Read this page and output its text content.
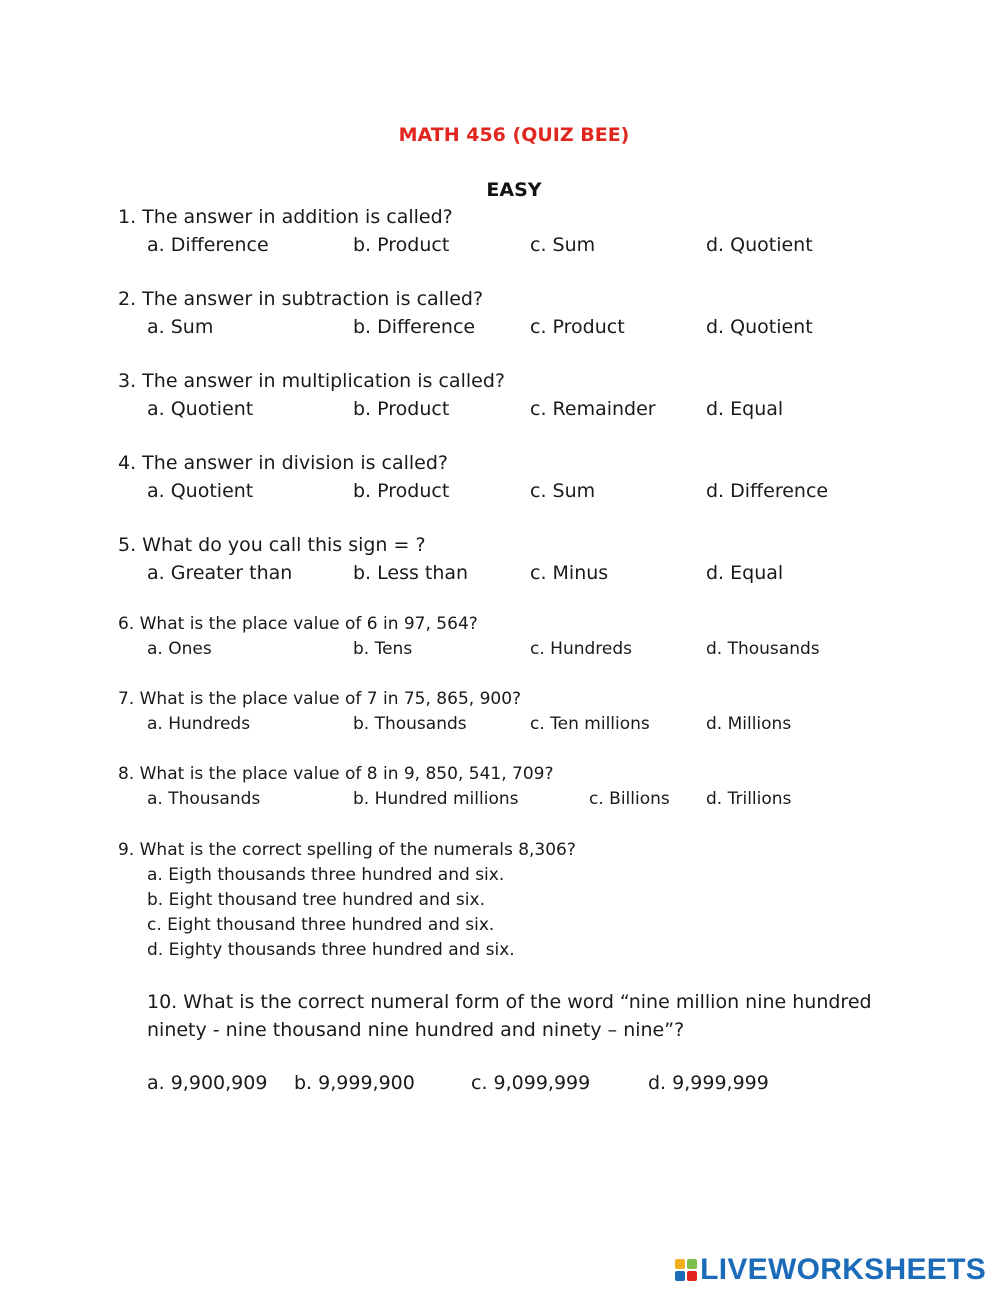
MATH 456 (QUIZ BEE)
EASY
1. The answer in addition is called?
a. Difference	b. Product	c. Sum	d. Quotient
2. The answer in subtraction is called?
a. Sum	b. Difference	c. Product	d. Quotient
3. The answer in multiplication is called?
a. Quotient	b. Product	c. Remainder	d. Equal
4. The answer in division is called?
a. Quotient	b. Product	c. Sum	d. Difference
5. What do you call this sign = ?
a. Greater than	b. Less than	c. Minus	d. Equal
6. What is the place value of 6 in 97, 564?
a. Ones	b. Tens	c. Hundreds	d. Thousands
7. What is the place value of 7 in 75, 865, 900?
a. Hundreds	b. Thousands	c. Ten millions	d. Millions
8. What is the place value of 8 in 9, 850, 541, 709?
a. Thousands	b. Hundred millions	c. Billions d. Trillions
9. What is the correct spelling of the numerals 8,306?
a. Eigth thousands three hundred and six.
b. Eight thousand tree hundred and six.
c. Eight thousand three hundred and six.
d. Eighty thousands three hundred and six.
10. What is the correct numeral form of the word “nine million nine hundred ninety - nine thousand nine hundred and ninety – nine”?
a. 9,900,909 b. 9,999,900	c. 9,099,999	d. 9,999,999
LIVEWORKSHEETS
